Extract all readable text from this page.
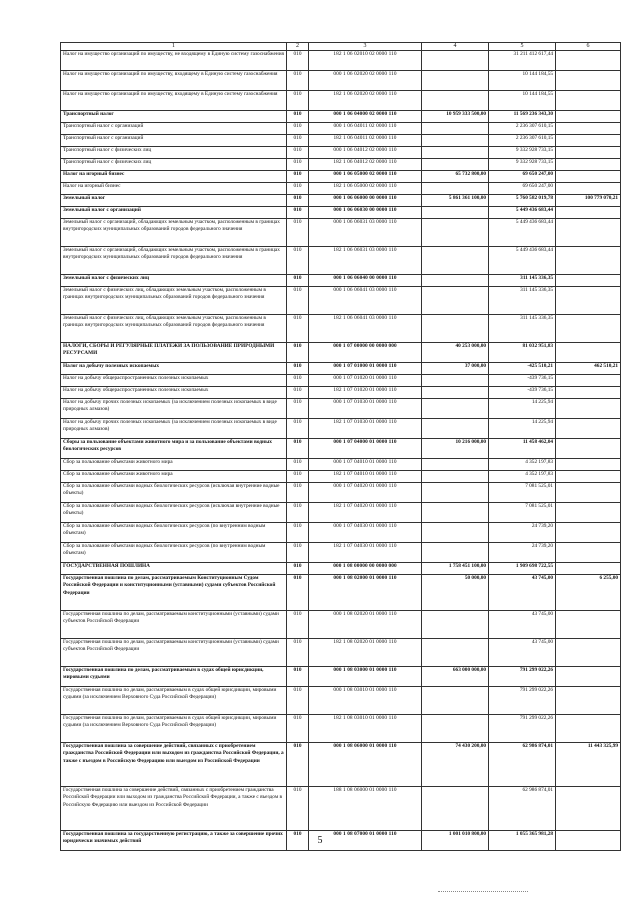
1	2	3	4	5	6
Налог на имущество организаций по имуществу, не входящему в Единую систему газоснабжения	010	182 1 06 02010 02 0000 110		31 211 412 617,44	
Налог на имущество организаций по имуществу, входящему в Единую систему газоснабжения	010	000 1 06 02020 02 0000 110		10 144 184,55	
Налог на имущество организаций по имуществу, входящему в Единую систему газоснабжения	010	182 1 06 02020 02 0000 110		10 144 184,55	
Транспортный налог	010	000 1 06 04000 02 0000 110	10 959 333 500,00	11 569 236 343,30	
Транспортный налог с организаций	010	000 1 06 04011 02 0000 110		2 236 307 610,15	
Транспортный налог с организаций	010	182 1 06 04011 02 0000 110		2 236 307 610,15	
Транспортный налог с физических лиц	010	000 1 06 04012 02 0000 110		9 332 928 733,15	
Транспортный налог с физических лиц	010	182 1 06 04012 02 0000 110		9 332 928 733,15	
Налог на игорный бизнес	010	000 1 06 05000 02 0000 110	65 732 800,00	69 650 247,00	
Налог на игорный бизнес	010	182 1 06 05000 02 0000 110		69 650 247,00	
Земельный налог	010	000 1 06 06000 00 0000 110	5 861 361 100,00	5 760 582 019,78	100 779 070,21
Земельный налог с организаций	010	000 1 06 06030 00 0000 110		5 449 436 683,44	
Земельный налог с организаций, обладающих земельным участком, расположенным в границах внутригородских муниципальных образований городов федерального значения	010	000 1 06 06031 03 0000 110		5 449 436 683,44	
Земельный налог с организаций, обладающих земельным участком, расположенным в границах внутригородских муниципальных образований городов федерального значения	010	182 1 06 06031 03 0000 110		5 449 436 683,44	
Земельный налог с физических лиц	010	000 1 06 06040 00 0000 110		311 145 336,35	
Земельный налог с физических лиц, обладающих земельным участком, расположенным в границах внутригородских муниципальных образований городов федерального значения	010	000 1 06 06041 03 0000 110		311 145 336,35	
Земельный налог с физических лиц, обладающих земельным участком, расположенным в границах внутригородских муниципальных образований городов федерального значения	010	182 1 06 06041 03 0000 110		311 145 336,35	
НАЛОГИ, СБОРЫ И РЕГУЛЯРНЫЕ ПЛАТЕЖИ ЗА ПОЛЬЗОВАНИЕ ПРИРОДНЫМИ РЕСУРСАМИ	010	000 1 07 00000 00 0000 000	40 253 000,00	81 032 951,83	
Налог на добычу полезных ископаемых	010	000 1 07 01000 01 0000 110	37 000,00	-425 510,21	462 510,21
Налог на добычу общераспространенных полезных ископаемых	010	000 1 07 01020 01 0000 110		-439 736,15	
Налог на добычу общераспространенных полезных ископаемых	010	182 1 07 01020 01 0000 110		-439 736,15	
Налог на добычу прочих полезных ископаемых (за исключением полезных ископаемых в виде природных алмазов)	010	000 1 07 01030 01 0000 110		14 225,94	
Налог на добычу прочих полезных ископаемых (за исключением полезных ископаемых в виде природных алмазов)	010	182 1 07 01030 01 0000 110		14 225,94	
Сборы за пользование объектами животного мира и за пользование объектами водных биологических ресурсов	010	000 1 07 04000 01 0000 110	10 216 000,00	11 458 462,04	
Сбор за пользование объектами животного мира	010	000 1 07 04010 01 0000 110		4 352 197,83	
Сбор за пользование объектами животного мира	010	182 1 07 04010 01 0000 110		4 352 197,83	
Сбор за пользование объектами водных биологических ресурсов (исключая внутренние водные объекты)	010	000 1 07 04020 01 0000 110		7 081 525,01	
Сбор за пользование объектами водных биологических ресурсов (исключая внутренние водные объекты)	010	182 1 07 04020 01 0000 110		7 081 525,01	
Сбор за пользование объектами водных биологических ресурсов (по внутренним водным объектам)	010	000 1 07 04030 01 0000 110		24 739,20	
Сбор за пользование объектами водных биологических ресурсов (по внутренним водным объектам)	010	182 1 07 04030 01 0000 110		24 739,20	
ГОСУДАРСТВЕННАЯ ПОШЛИНА	010	000 1 08 00000 00 0000 000	1 758 451 100,00	1 909 698 722,55	
Государственная пошлина по делам, рассматриваемым Конституционным Судом Российской Федерации и конституционными (уставными) судами субъектов Российской Федерации	010	000 1 08 02000 01 0000 110	50 000,00	43 745,00	6 255,00
Государственная пошлина по делам, рассматриваемым конституционными (уставными) судами субъектов Российской Федерации	010	000 1 08 02020 01 0000 110		43 745,00	
Государственная пошлина по делам, рассматриваемым конституционными (уставными) судами субъектов Российской Федерации	010	182 1 08 02020 01 0000 110		43 745,00	
Государственная пошлина по делам, рассматриваемым в судах общей юрисдикции, мировыми судьями	010	000 1 08 03000 01 0000 110	663 000 000,00	791 299 022,26	
Государственная пошлина по делам, рассматриваемым в судах общей юрисдикции, мировыми судьями (за исключением Верховного Суда Российской Федерации)	010	000 1 08 03010 01 0000 110		791 299 022,26	
Государственная пошлина по делам, рассматриваемым в судах общей юрисдикции, мировыми судьями (за исключением Верховного Суда Российской Федерации)	010	182 1 08 03010 01 0000 110		791 299 022,26	
Государственная пошлина за совершение действий, связанных с приобретением гражданства Российской Федерации или выходом из гражданства Российской Федерации, а также с въездом в Российскую Федерацию или выездом из Российской Федерации	010	000 1 08 06000 01 0000 110	74 430 200,00	62 986 874,01	11 443 325,99
Государственная пошлина за совершение действий, связанных с приобретением гражданства Российской Федерации или выходом из гражданства Российской Федерации, а также с въездом в Российскую Федерацию или выездом из Российской Федерации	010	188 1 08 06000 01 0000 110		62 986 874,01	
Государственная пошлина за государственную регистрацию, а также за совершение прочих юридически значимых действий	010	000 1 08 07000 01 0000 110	1 001 010 800,00	1 055 365 981,28	
5
